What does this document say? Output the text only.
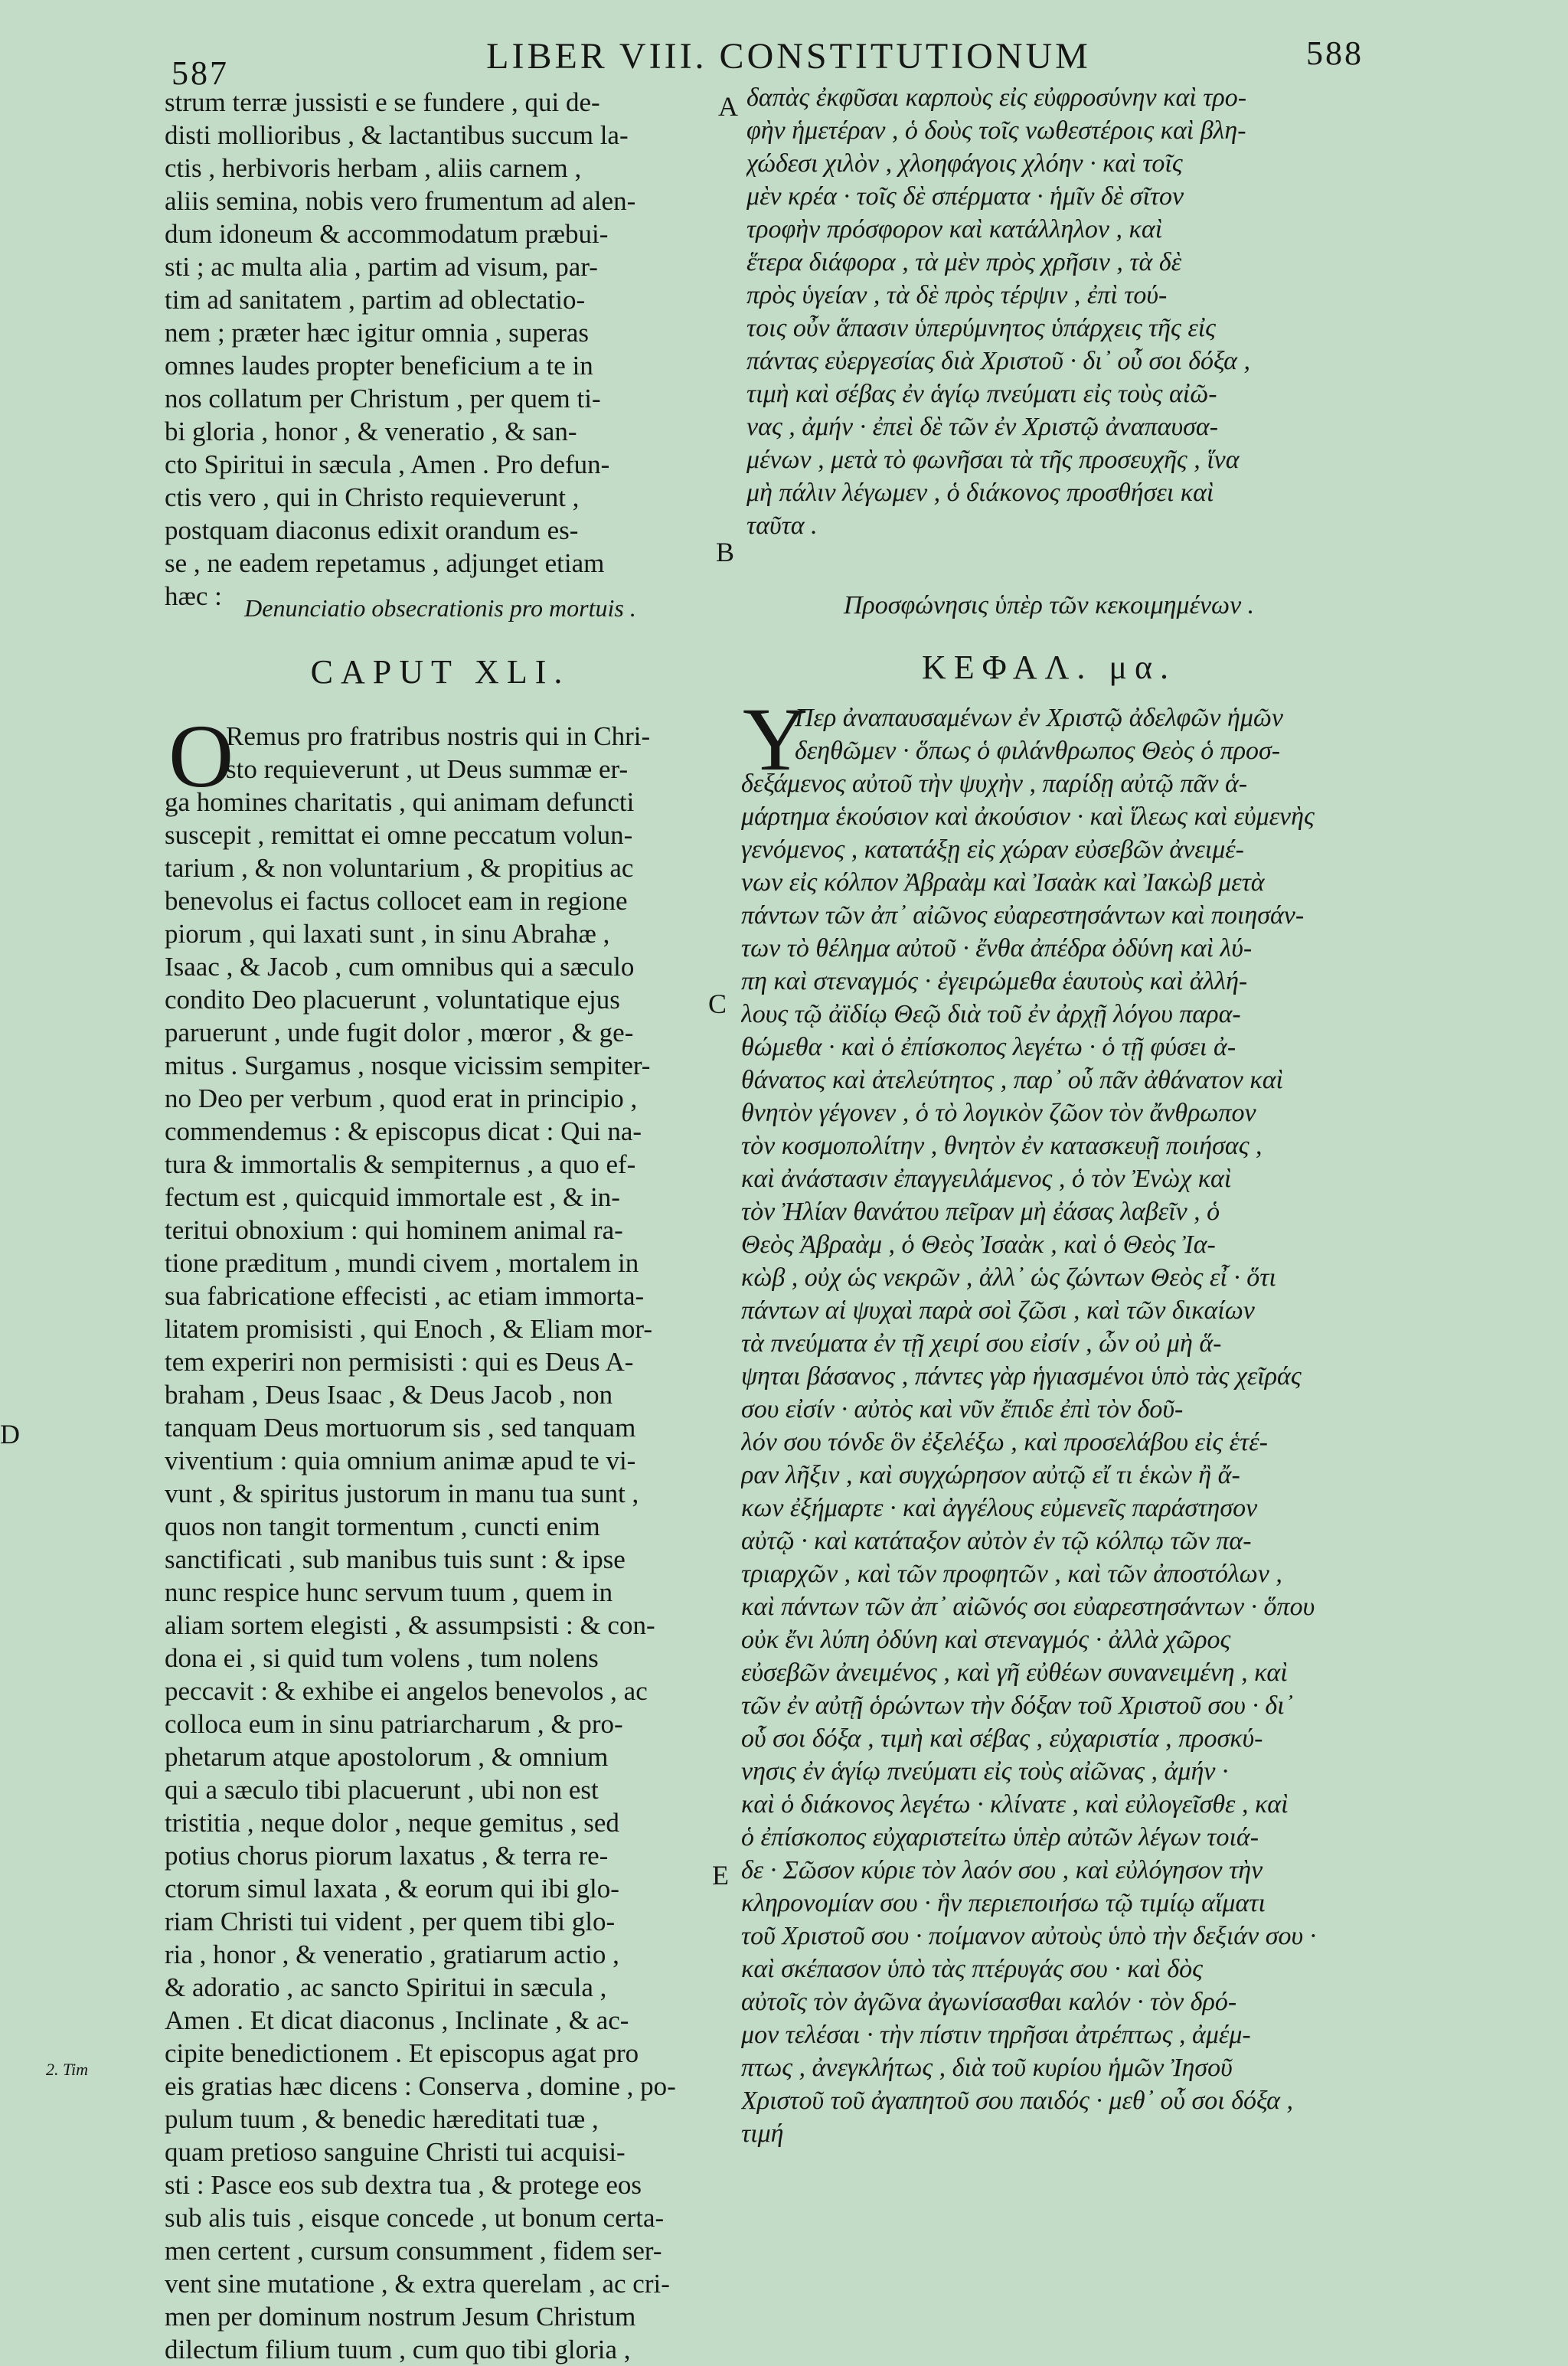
587	LIBER VIII. CONSTITUTIONUM	588
strum terræ jussisti e se fundere , qui de-
disti mollioribus , & lactantibus succum la-
ctis , herbivoris herbam , aliis carnem ,
aliis semina, nobis vero frumentum ad alen-
dum idoneum & accommodatum præbui-
sti ; ac multa alia , partim ad visum, par-
tim ad sanitatem , partim ad oblectatio-
nem ; præter hæc igitur omnia , superas
omnes laudes propter beneficium a te in
nos collatum per Christum , per quem ti-
bi gloria , honor , & veneratio , & san-
cto Spiritui in sæcula , Amen . Pro defun-
ctis vero , qui in Christo requieverunt ,
postquam diaconus edixit orandum es-
se , ne eadem repetamus , adjunget etiam
hæc :
δαπὰς ἐκφῦσαι καρποὺς εἰς εὐφροσύνην καὶ τρο-
φὴν ἡμετέραν , ὁ δοὺς τοῖς νωθεστέροις καὶ βλη-
χώδεσι χιλὸν , χλοηφάγοις χλόην · καὶ τοῖς
μὲν κρέα · τοῖς δὲ σπέρματα · ἡμῖν δὲ σῖτον
τροφὴν πρόσφορον καὶ κατάλληλον , καὶ
ἕτερα διάφορα , τὰ μὲν πρὸς χρῆσιν , τὰ δὲ
πρὸς ὑγείαν , τὰ δὲ πρὸς τέρψιν , ἐπὶ τού-
τοις οὖν ἅπασιν ὑπερύμνητος ὑπάρχεις τῆς εἰς
πάντας εὐεργεσίας διὰ Χριστοῦ · δι᾽ οὗ σοι δόξα ,
τιμὴ καὶ σέβας ἐν ἁγίῳ πνεύματι εἰς τοὺς αἰῶ-
νας , ἀμήν · ἐπεὶ δὲ τῶν ἐν Χριστῷ ἀναπαυσα-
μένων , μετὰ τὸ φωνῆσαι τὰ τῆς προσευχῆς , ἵνα
μὴ πάλιν λέγωμεν , ὁ διάκονος προσθήσει καὶ
ταῦτα .
A
B
C
D
E
2. Tim
Denunciatio obsecrationis pro mortuis .	Προσφώνησις ὑπὲρ τῶν κεκοιμημένων .
CAPUT XLI.	ΚΕΦΑΛ. μα.
O	Υ
Remus pro fratribus nostris qui in Chri-
sto requieverunt , ut Deus summæ er-
ga homines charitatis , qui animam defuncti
suscepit , remittat ei omne peccatum volun-
tarium , & non voluntarium , & propitius ac
benevolus ei factus collocet eam in regione
piorum , qui laxati sunt , in sinu Abrahæ ,
Isaac , & Jacob , cum omnibus qui a sæculo
condito Deo placuerunt , voluntatique ejus
paruerunt , unde fugit dolor , mœror , & ge-
mitus . Surgamus , nosque vicissim sempiter-
no Deo per verbum , quod erat in principio ,
commendemus : & episcopus dicat : Qui na-
tura & immortalis & sempiternus , a quo ef-
fectum est , quicquid immortale est , & in-
teritui obnoxium : qui hominem animal ra-
tione præditum , mundi civem , mortalem in
sua fabricatione effecisti , ac etiam immorta-
litatem promisisti , qui Enoch , & Eliam mor-
tem experiri non permisisti : qui es Deus A-
braham , Deus Isaac , & Deus Jacob , non
tanquam Deus mortuorum sis , sed tanquam
viventium : quia omnium animæ apud te vi-
vunt , & spiritus justorum in manu tua sunt ,
quos non tangit tormentum , cuncti enim
sanctificati , sub manibus tuis sunt : & ipse
nunc respice hunc servum tuum , quem in
aliam sortem elegisti , & assumpsisti : & con-
dona ei , si quid tum volens , tum nolens
peccavit : & exhibe ei angelos benevolos , ac
colloca eum in sinu patriarcharum , & pro-
phetarum atque apostolorum , & omnium
qui a sæculo tibi placuerunt , ubi non est
tristitia , neque dolor , neque gemitus , sed
potius chorus piorum laxatus , & terra re-
ctorum simul laxata , & eorum qui ibi glo-
riam Christi tui vident , per quem tibi glo-
ria , honor , & veneratio , gratiarum actio ,
& adoratio , ac sancto Spiritui in sæcula ,
Amen . Et dicat diaconus , Inclinate , & ac-
cipite benedictionem . Et episcopus agat pro
eis gratias hæc dicens : Conserva , domine , po-
pulum tuum , & benedic hæreditati tuæ ,
quam pretioso sanguine Christi tui acquisi-
sti : Pasce eos sub dextra tua , & protege eos
sub alis tuis , eisque concede , ut bonum certa-
men certent , cursum consumment , fidem ser-
vent sine mutatione , & extra querelam , ac cri-
men per dominum nostrum Jesum Christum
dilectum filium tuum , cum quo tibi gloria ,
Περ ἀναπαυσαμένων ἐν Χριστῷ ἀδελφῶν ἡμῶν
δεηθῶμεν · ὅπως ὁ φιλάνθρωπος Θεὸς ὁ προσ-
δεξάμενος αὐτοῦ τὴν ψυχὴν , παρίδῃ αὐτῷ πᾶν ἁ-
μάρτημα ἑκούσιον καὶ ἀκούσιον · καὶ ἵλεως καὶ εὐμενὴς
γενόμενος , κατατάξῃ εἰς χώραν εὐσεβῶν ἀνειμέ-
νων εἰς κόλπον Ἀβραὰμ καὶ Ἰσαὰκ καὶ Ἰακὼβ μετὰ
πάντων τῶν ἀπ᾽ αἰῶνος εὐαρεστησάντων καὶ ποιησάν-
των τὸ θέλημα αὐτοῦ · ἔνθα ἀπέδρα ὀδύνη καὶ λύ-
πη καὶ στεναγμός · ἐγειρώμεθα ἑαυτοὺς καὶ ἀλλή-
λους τῷ ἀϊδίῳ Θεῷ διὰ τοῦ ἐν ἀρχῇ λόγου παρα-
θώμεθα · καὶ ὁ ἐπίσκοπος λεγέτω · ὁ τῇ φύσει ἀ-
θάνατος καὶ ἀτελεύτητος , παρ᾽ οὗ πᾶν ἀθάνατον καὶ
θνητὸν γέγονεν , ὁ τὸ λογικὸν ζῶον τὸν ἄνθρωπον
τὸν κοσμοπολίτην , θνητὸν ἐν κατασκευῇ ποιήσας ,
καὶ ἀνάστασιν ἐπαγγειλάμενος , ὁ τὸν Ἐνὼχ καὶ
τὸν Ἠλίαν θανάτου πεῖραν μὴ ἐάσας λαβεῖν , ὁ
Θεὸς Ἀβραὰμ , ὁ Θεὸς Ἰσαὰκ , καὶ ὁ Θεὸς Ἰα-
κὼβ , οὐχ ὡς νεκρῶν , ἀλλ᾽ ὡς ζώντων Θεὸς εἶ · ὅτι
πάντων αἱ ψυχαὶ παρὰ σοὶ ζῶσι , καὶ τῶν δικαίων
τὰ πνεύματα ἐν τῇ χειρί σου εἰσίν , ὧν οὐ μὴ ἅ-
ψηται βάσανος , πάντες γὰρ ἡγιασμένοι ὑπὸ τὰς χεῖράς
σου εἰσίν · αὐτὸς καὶ νῦν ἔπιδε ἐπὶ τὸν δοῦ-
λόν σου τόνδε ὃν ἐξελέξω , καὶ προσελάβου εἰς ἑτέ-
ραν λῆξιν , καὶ συγχώρησον αὐτῷ εἴ τι ἑκὼν ἢ ἄ-
κων ἐξήμαρτε · καὶ ἀγγέλους εὐμενεῖς παράστησον
αὐτῷ · καὶ κατάταξον αὐτὸν ἐν τῷ κόλπῳ τῶν πα-
τριαρχῶν , καὶ τῶν προφητῶν , καὶ τῶν ἀποστόλων ,
καὶ πάντων τῶν ἀπ᾽ αἰῶνός σοι εὐαρεστησάντων · ὅπου
οὐκ ἔνι λύπη ὀδύνη καὶ στεναγμός · ἀλλὰ χῶρος
εὐσεβῶν ἀνειμένος , καὶ γῆ εὐθέων συνανειμένη , καὶ
τῶν ἐν αὐτῇ ὁρώντων τὴν δόξαν τοῦ Χριστοῦ σου · δι᾽
οὗ σοι δόξα , τιμὴ καὶ σέβας , εὐχαριστία , προσκύ-
νησις ἐν ἁγίῳ πνεύματι εἰς τοὺς αἰῶνας , ἀμήν ·
καὶ ὁ διάκονος λεγέτω · κλίνατε , καὶ εὐλογεῖσθε , καὶ
ὁ ἐπίσκοπος εὐχαριστείτω ὑπὲρ αὐτῶν λέγων τοιά-
δε · Σῶσον κύριε τὸν λαόν σου , καὶ εὐλόγησον τὴν
κληρονομίαν σου · ἣν περιεποιήσω τῷ τιμίῳ αἵματι
τοῦ Χριστοῦ σου · ποίμανον αὐτοὺς ὑπὸ τὴν δεξιάν σου ·
καὶ σκέπασον ὑπὸ τὰς πτέρυγάς σου · καὶ δὸς
αὐτοῖς τὸν ἀγῶνα ἀγωνίσασθαι καλόν · τὸν δρό-
μον τελέσαι · τὴν πίστιν τηρῆσαι ἀτρέπτως , ἀμέμ-
πτως , ἀνεγκλήτως , διὰ τοῦ κυρίου ἡμῶν Ἰησοῦ
Χριστοῦ τοῦ ἀγαπητοῦ σου παιδός · μεθ᾽ οὗ σοι δόξα ,
τιμή
